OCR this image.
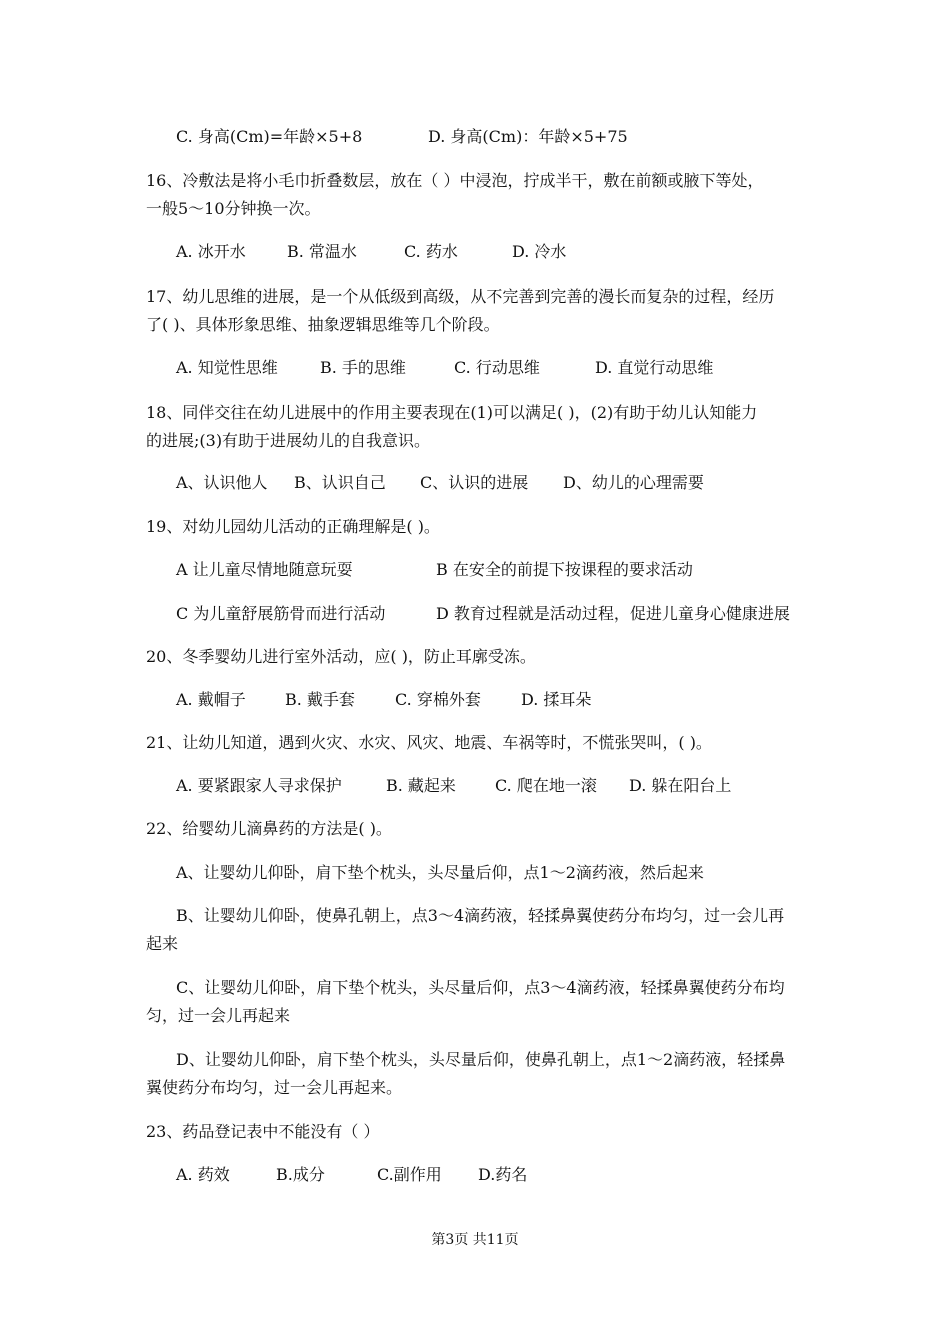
C. 身高(Cm)=年龄×5+8	D. 身高(Cm)：年龄×5+75
16、冷敷法是将小毛巾折叠数层，放在（ ）中浸泡，拧成半干，敷在前额或腋下等处，
一般5～10分钟换一次。
A. 冰开水	B. 常温水	C. 药水	D. 冷水
17、幼儿思维的进展，是一个从低级到高级，从不完善到完善的漫长而复杂的过程，经历
了( )、具体形象思维、抽象逻辑思维等几个阶段。
A. 知觉性思维	B. 手的思维	C. 行动思维	D. 直觉行动思维
18、同伴交往在幼儿进展中的作用主要表现在(1)可以满足( )，(2)有助于幼儿认知能力
的进展;(3)有助于进展幼儿的自我意识。
A、认识他人 B、认识自己 C、认识的进展 D、幼儿的心理需要
19、对幼儿园幼儿活动的正确理解是( )。
A 让儿童尽情地随意玩耍	B 在安全的前提下按课程的要求活动
C 为儿童舒展筋骨而进行活动	D 教育过程就是活动过程，促进儿童身心健康进展
20、冬季婴幼儿进行室外活动，应( )，防止耳廓受冻。
A. 戴帽子 B. 戴手套	C. 穿棉外套	D. 揉耳朵
21、让幼儿知道，遇到火灾、水灾、风灾、地震、车祸等时，不慌张哭叫，( )。
A. 要紧跟家人寻求保护	B. 藏起来 C. 爬在地一滚 D. 躲在阳台上
22、给婴幼儿滴鼻药的方法是( )。
A、让婴幼儿仰卧，肩下垫个枕头，头尽量后仰，点1～2滴药液，然后起来
B、让婴幼儿仰卧，使鼻孔朝上，点3～4滴药液，轻揉鼻翼使药分布均匀，过一会儿再
起来
C、让婴幼儿仰卧，肩下垫个枕头，头尽量后仰，点3～4滴药液，轻揉鼻翼使药分布均
匀，过一会儿再起来
D、让婴幼儿仰卧，肩下垫个枕头，头尽量后仰，使鼻孔朝上，点1～2滴药液，轻揉鼻
翼使药分布均匀，过一会儿再起来。
23、药品登记表中不能没有（ ）
A. 药效	B.成分	C.副作用 D.药名
第3页 共11页
